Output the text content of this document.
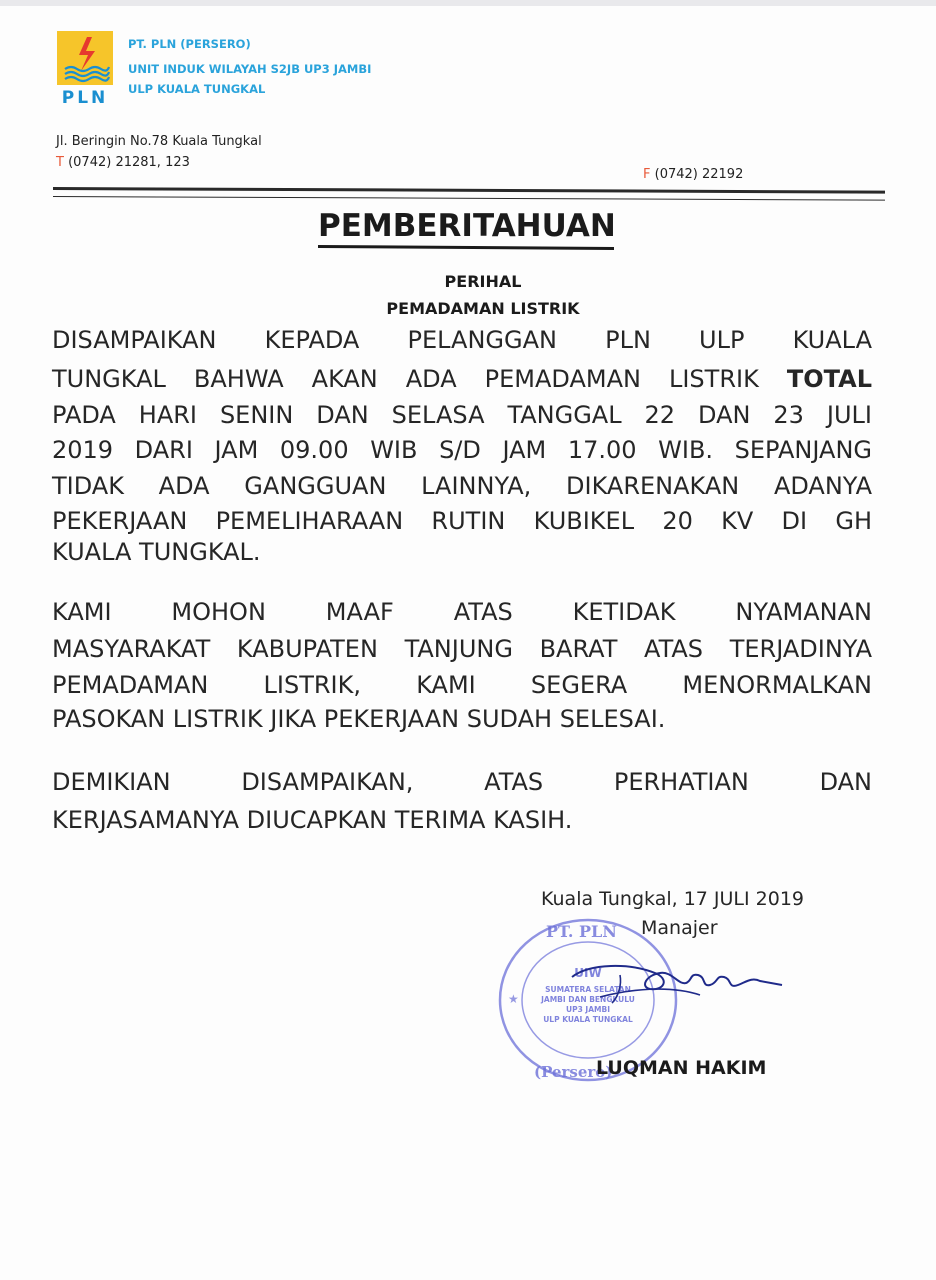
PLN
PT. PLN (PERSERO)
UNIT INDUK WILAYAH S2JB UP3 JAMBI
ULP KUALA TUNGKAL
Jl. Beringin No.78 Kuala Tungkal
T (0742) 21281, 123
F (0742) 22192
PEMBERITAHUAN
PERIHAL
PEMADAMAN LISTRIK
DISAMPAIKAN KEPADA PELANGGAN PLN ULP KUALA
TUNGKAL BAHWA AKAN ADA PEMADAMAN LISTRIK TOTAL
PADA HARI SENIN DAN SELASA TANGGAL 22 DAN 23 JULI
2019 DARI JAM 09.00 WIB S/D JAM 17.00 WIB. SEPANJANG
TIDAK ADA GANGGUAN LAINNYA, DIKARENAKAN ADANYA
PEKERJAAN PEMELIHARAAN RUTIN KUBIKEL 20 KV DI GH
KUALA TUNGKAL.
KAMI MOHON MAAF ATAS KETIDAK NYAMANAN
MASYARAKAT KABUPATEN TANJUNG BARAT ATAS TERJADINYA
PEMADAMAN LISTRIK, KAMI SEGERA MENORMALKAN
PASOKAN LISTRIK JIKA PEKERJAAN SUDAH SELESAI.
DEMIKIAN DISAMPAIKAN, ATAS PERHATIAN DAN
KERJASAMANYA DIUCAPKAN TERIMA KASIH.
Kuala Tungkal, 17 JULI 2019
Manajer
PT. PLN
(Persero)
UIW
SUMATERA SELATAN
JAMBI DAN BENGKULU
UP3 JAMBI
ULP KUALA TUNGKAL
★
LUQMAN HAKIM
